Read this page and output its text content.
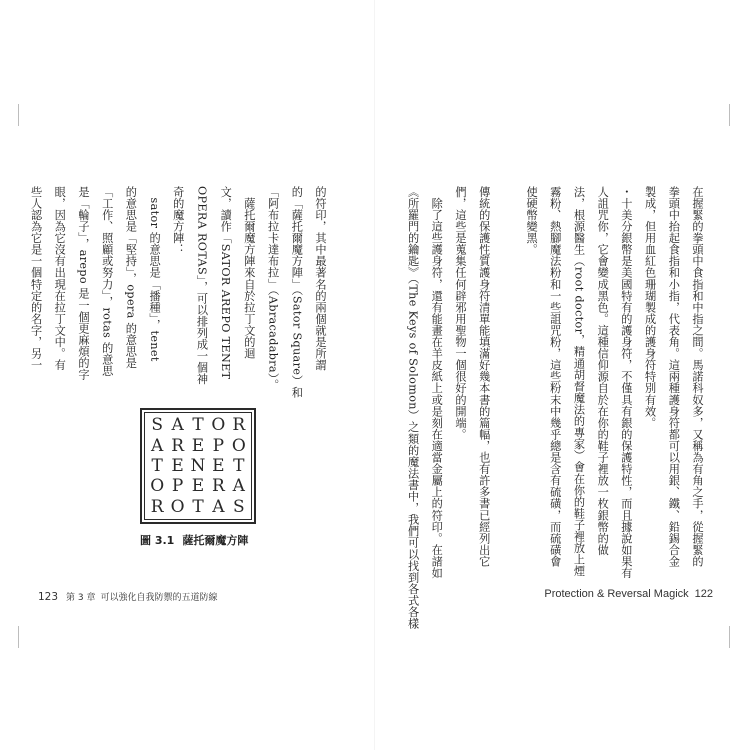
的符印，其中最著名的兩個就是所謂
的「薩托爾魔方陣」（Sator Square）和
「阿布拉卡達布拉」（Abracadabra）。
　薩托爾魔方陣來自於拉丁文的迴
文，讀作「SATOR AREPO TENET
OPERA ROTAS」，可以排列成一個神
奇的魔方陣：
　sator 的意思是「播種」，tenet
的意思是「堅持」，opera 的意思是
「工作、照顧或努力」，rotas 的意思
是「輪子」，arepo 是一個更麻煩的字
眼，因為它沒有出現在拉丁文中。有
些人認為它是一個特定的名字，另一
S A T O R
A R E P O
T E N E T
O P E R A
R O T A S
圖 3.1 薩托爾魔方陣
123 第 3 章 可以強化自我防禦的五道防線
在握緊的拳頭中食指和中指之間。馬諾科奴多，又稱為有角之手，從握緊的
拳頭中抬起食指和小指，代表角。這兩種護身符都可以用銀、鐵、鉛錫合金
製成，但用血紅色珊瑚製成的護身符特別有效。
・十美分銀幣是美國特有的護身符，不僅具有銀的保護特性，而且據說如果有
人詛咒你，它會變成黑色。這種信仰源自於在你的鞋子裡放一枚銀幣的做
法，根源醫生（root doctor，精通胡督魔法的專家）會在你的鞋子裡放上煙
霧粉、熱腳魔法粉和一些詛咒粉，這些粉末中幾乎總是含有硫磺，而硫磺會
使硬幣變黑。

傳統的保護性質護身符清單能填滿好幾本書的篇幅，也有許多書已經列出它
們，這些是蒐集任何辟邪用聖物一個很好的開端。
　除了這些護身符，還有能畫在羊皮紙上或是刻在適當金屬上的符印。在諸如
《所羅門的鑰匙》（The Keys of Solomon）之類的魔法書中，我們可以找到各式各樣	Protection & Reversal Magick 122
